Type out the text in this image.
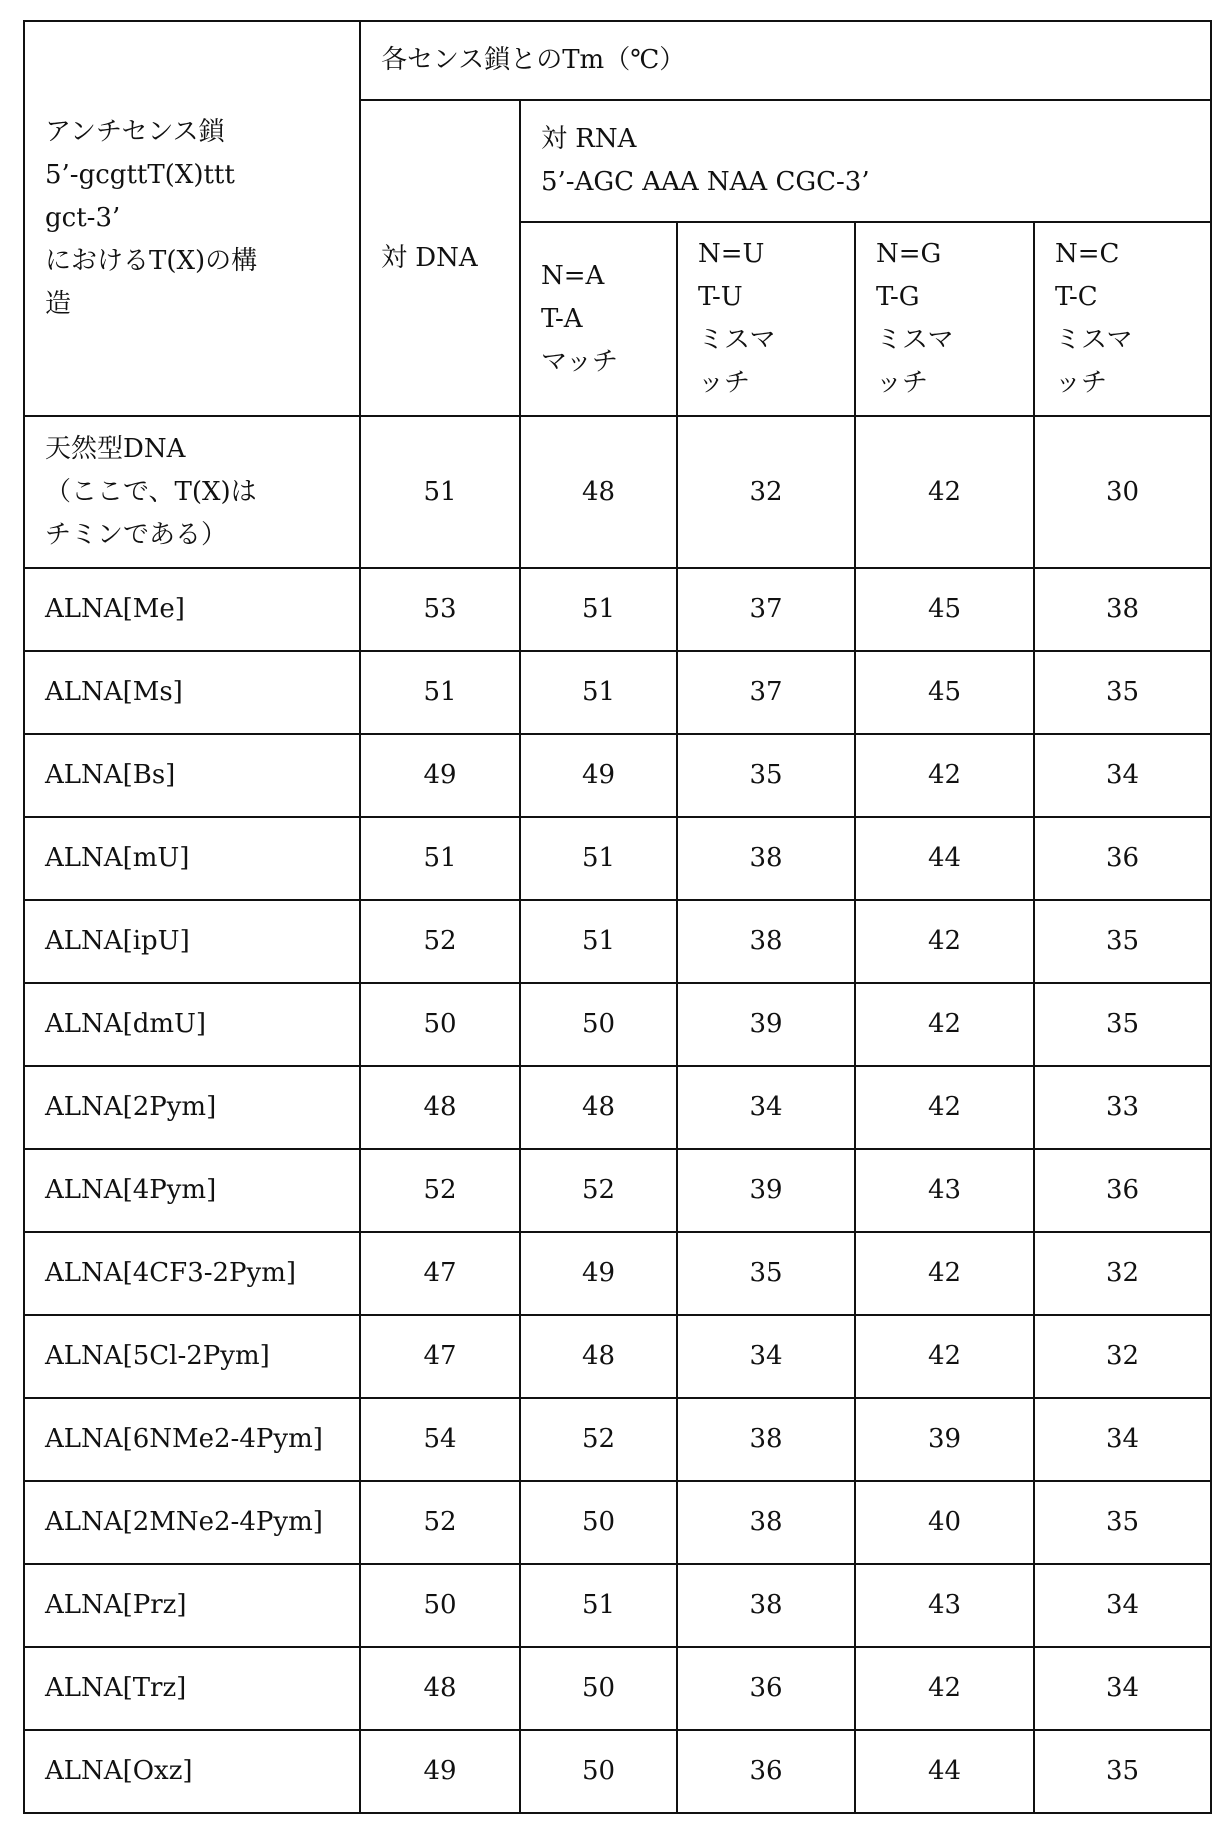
アンチセンス鎖
5’-gcgttT(X)ttt
gct-3’
におけるT(X)の構
造	各センス鎖とのTm（℃）
対 DNA	対 RNA
5’-AGC AAA NAA CGC-3’
N=A
T-A
マッチ	N=U
T-U
ミスマ
ッチ	N=G
T-G
ミスマ
ッチ	N=C
T-C
ミスマ
ッチ
天然型DNA
（ここで、T(X)は
チミンである）	51	48	32	42	30
ALNA[Me]	53	51	37	45	38
ALNA[Ms]	51	51	37	45	35
ALNA[Bs]	49	49	35	42	34
ALNA[mU]	51	51	38	44	36
ALNA[ipU]	52	51	38	42	35
ALNA[dmU]	50	50	39	42	35
ALNA[2Pym]	48	48	34	42	33
ALNA[4Pym]	52	52	39	43	36
ALNA[4CF3-2Pym]	47	49	35	42	32
ALNA[5Cl-2Pym]	47	48	34	42	32
ALNA[6NMe2-4Pym]	54	52	38	39	34
ALNA[2MNe2-4Pym]	52	50	38	40	35
ALNA[Prz]	50	51	38	43	34
ALNA[Trz]	48	50	36	42	34
ALNA[Oxz]	49	50	36	44	35
